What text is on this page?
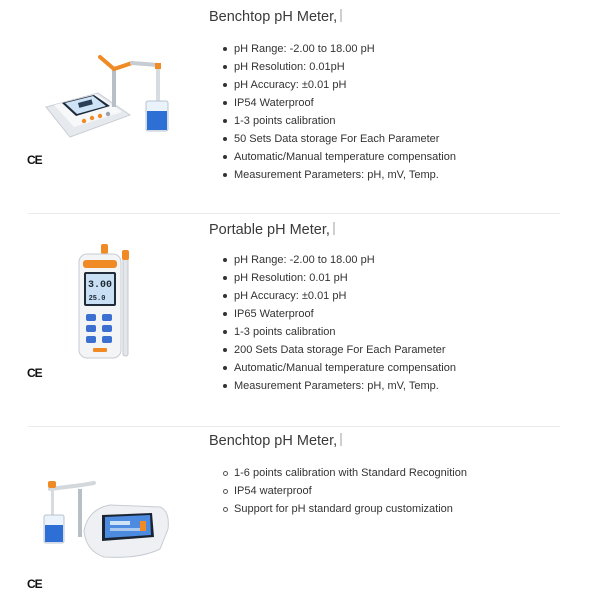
CE
Benchtop pH Meter,
pH Range: -2.00 to 18.00 pH
pH Resolution: 0.01pH
pH Accuracy: ±0.01 pH
IP54 Waterproof
1-3 points calibration
50 Sets Data storage For Each Parameter
Automatic/Manual temperature compensation
Measurement Parameters: pH, mV, Temp.
3.00
25.0
CE
Portable pH Meter,
pH Range: -2.00 to 18.00 pH
pH Resolution: 0.01 pH
pH Accuracy: ±0.01 pH
IP65 Waterproof
1-3 points calibration
200 Sets Data storage For Each Parameter
Automatic/Manual temperature compensation
Measurement Parameters: pH, mV, Temp.
CE
Benchtop pH Meter,
1-6 points calibration with Standard Recognition
IP54 waterproof
Support for pH standard group customization
